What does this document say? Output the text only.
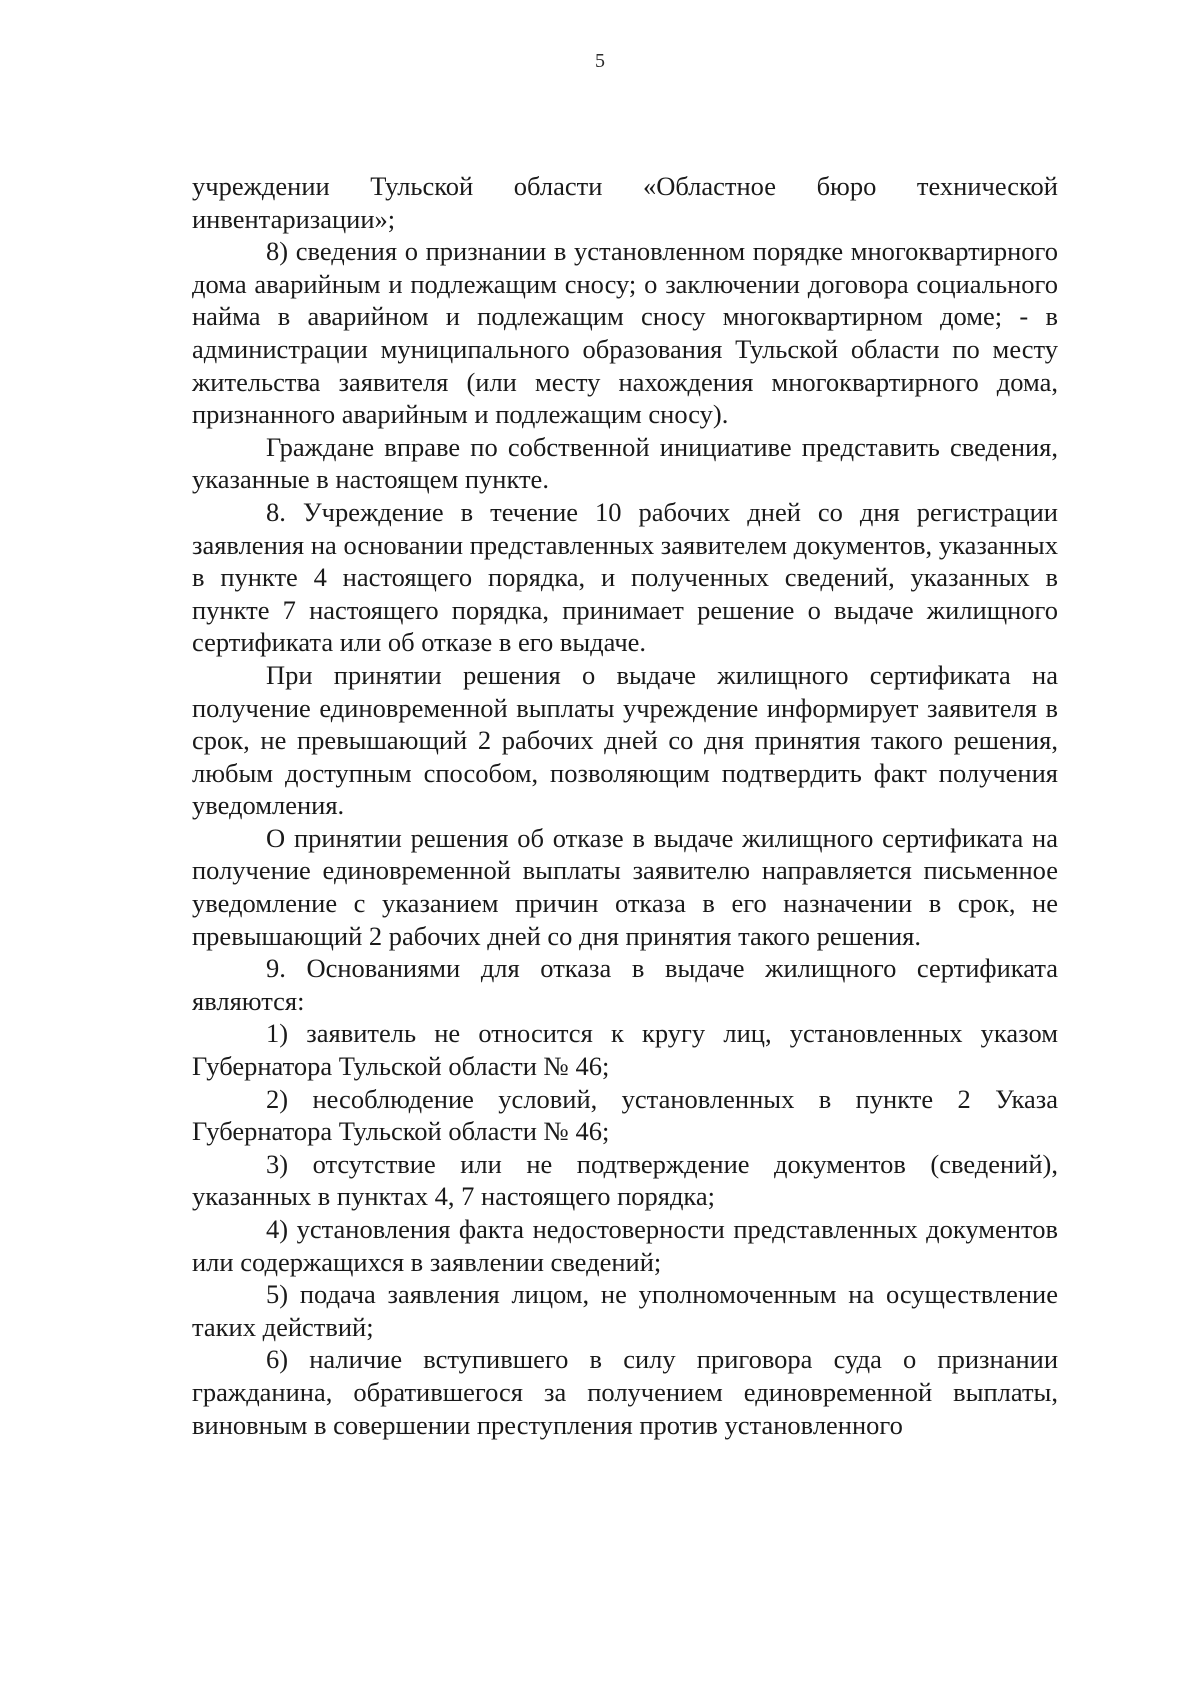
5

учреждении Тульской области «Областное бюро технической инвентаризации»;

8) сведения о признании в установленном порядке многоквартирного дома аварийным и подлежащим сносу; о заключении договора социального найма в аварийном и подлежащим сносу многоквартирном доме; - в администрации муниципального образования Тульской области по месту жительства заявителя (или месту нахождения многоквартирного дома, признанного аварийным и подлежащим сносу).

Граждане вправе по собственной инициативе представить сведения, указанные в настоящем пункте.

8. Учреждение в течение 10 рабочих дней со дня регистрации заявления на основании представленных заявителем документов, указанных в пункте 4 настоящего порядка, и полученных сведений, указанных в пункте 7 настоящего порядка, принимает решение о выдаче жилищного сертификата или об отказе в его выдаче.

При принятии решения о выдаче жилищного сертификата на получение единовременной выплаты учреждение информирует заявителя в срок, не превышающий 2 рабочих дней со дня принятия такого решения, любым доступным способом, позволяющим подтвердить факт получения уведомления.

О принятии решения об отказе в выдаче жилищного сертификата на получение единовременной выплаты заявителю направляется письменное уведомление с указанием причин отказа в его назначении в срок, не превышающий 2 рабочих дней со дня принятия такого решения.

9. Основаниями для отказа в выдаче жилищного сертификата являются:

1) заявитель не относится к кругу лиц, установленных указом Губернатора Тульской области № 46;

2) несоблюдение условий, установленных в пункте 2 Указа Губернатора Тульской области № 46;

3) отсутствие или не подтверждение документов (сведений), указанных в пунктах 4, 7 настоящего порядка;

4) установления факта недостоверности представленных документов или содержащихся в заявлении сведений;

5) подача заявления лицом, не уполномоченным на осуществление таких действий;

6) наличие вступившего в силу приговора суда о признании гражданина, обратившегося за получением единовременной выплаты, виновным в совершении преступления против установленного
